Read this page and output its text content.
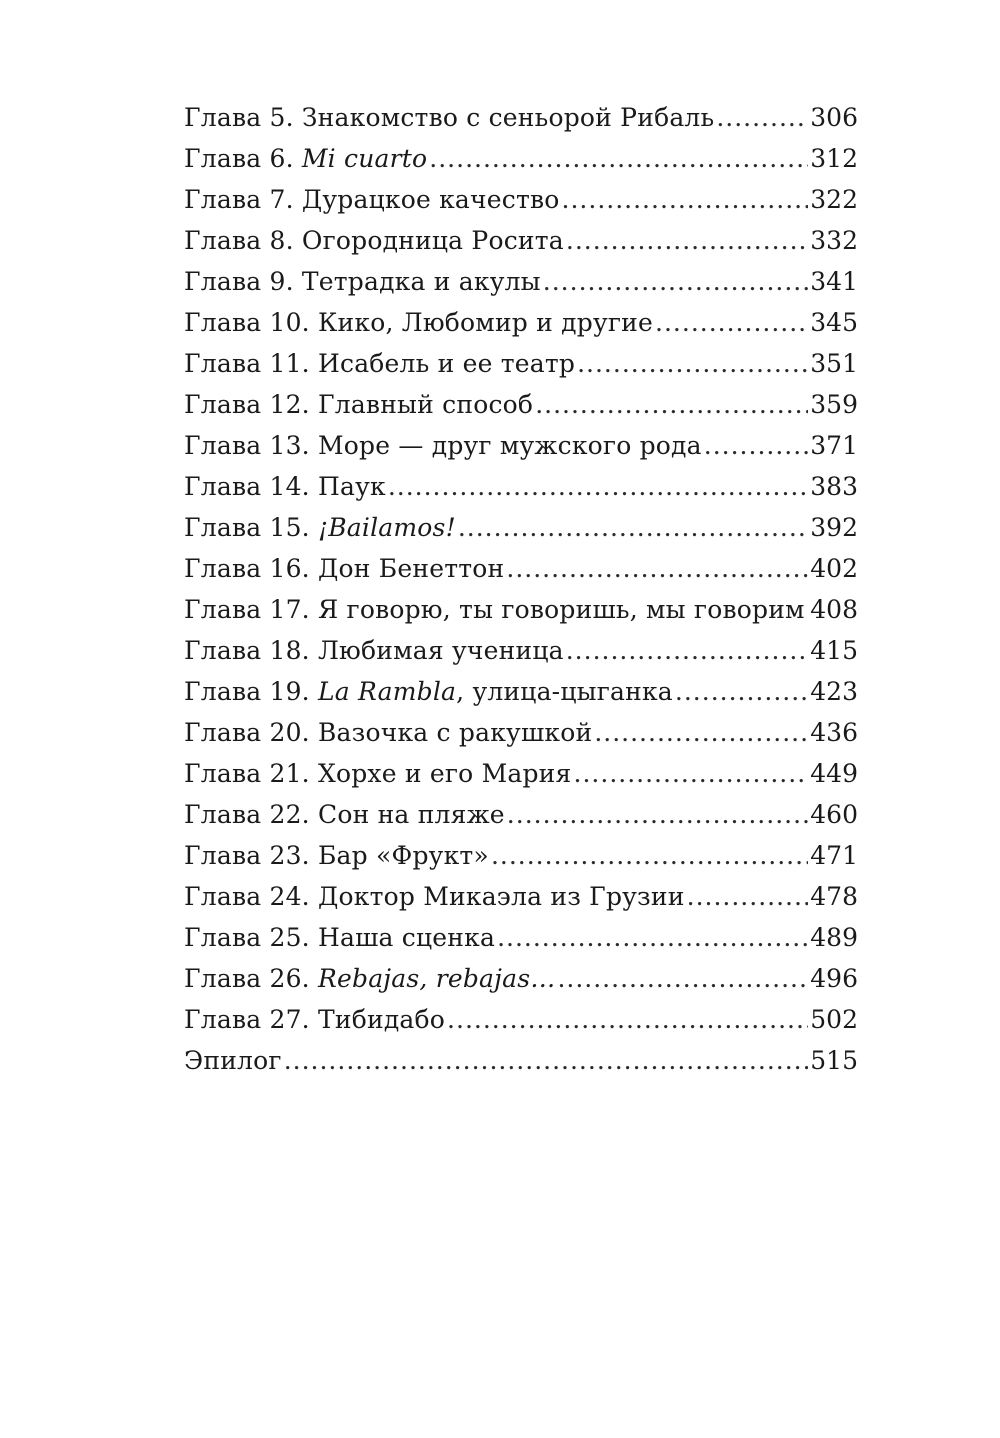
Глава 5. Знакомство с сеньорой Рибаль .....	306
Глава 6. Mi cuarto .....	312
Глава 7. Дурацкое качество .....	322
Глава 8. Огородница Росита .....	332
Глава 9. Тетрадка и акулы .....	341
Глава 10. Кико, Любомир и другие .....	345
Глава 11. Исабель и ее театр .....	351
Глава 12. Главный способ .....	359
Глава 13. Море — друг мужского рода .....	371
Глава 14. Паук .....	383
Глава 15. ¡Bailamos! .....	392
Глава 16. Дон Бенеттон .....	402
Глава 17. Я говорю, ты говоришь, мы говорим ..... 408
Глава 18. Любимая ученица .....	415
Глава 19. La Rambla, улица-цыганка .....	423
Глава 20. Вазочка с ракушкой .....	436
Глава 21. Хорхе и его Мария .....	449
Глава 22. Сон на пляже .....	460
Глава 23. Бар «Фрукт» .....	471
Глава 24. Доктор Микаэла из Грузии .....	478
Глава 25. Наша сценка .....	489
Глава 26. Rebajas, rebajas… .....	496
Глава 27. Тибидабо .....	502
Эпилог .....	515
